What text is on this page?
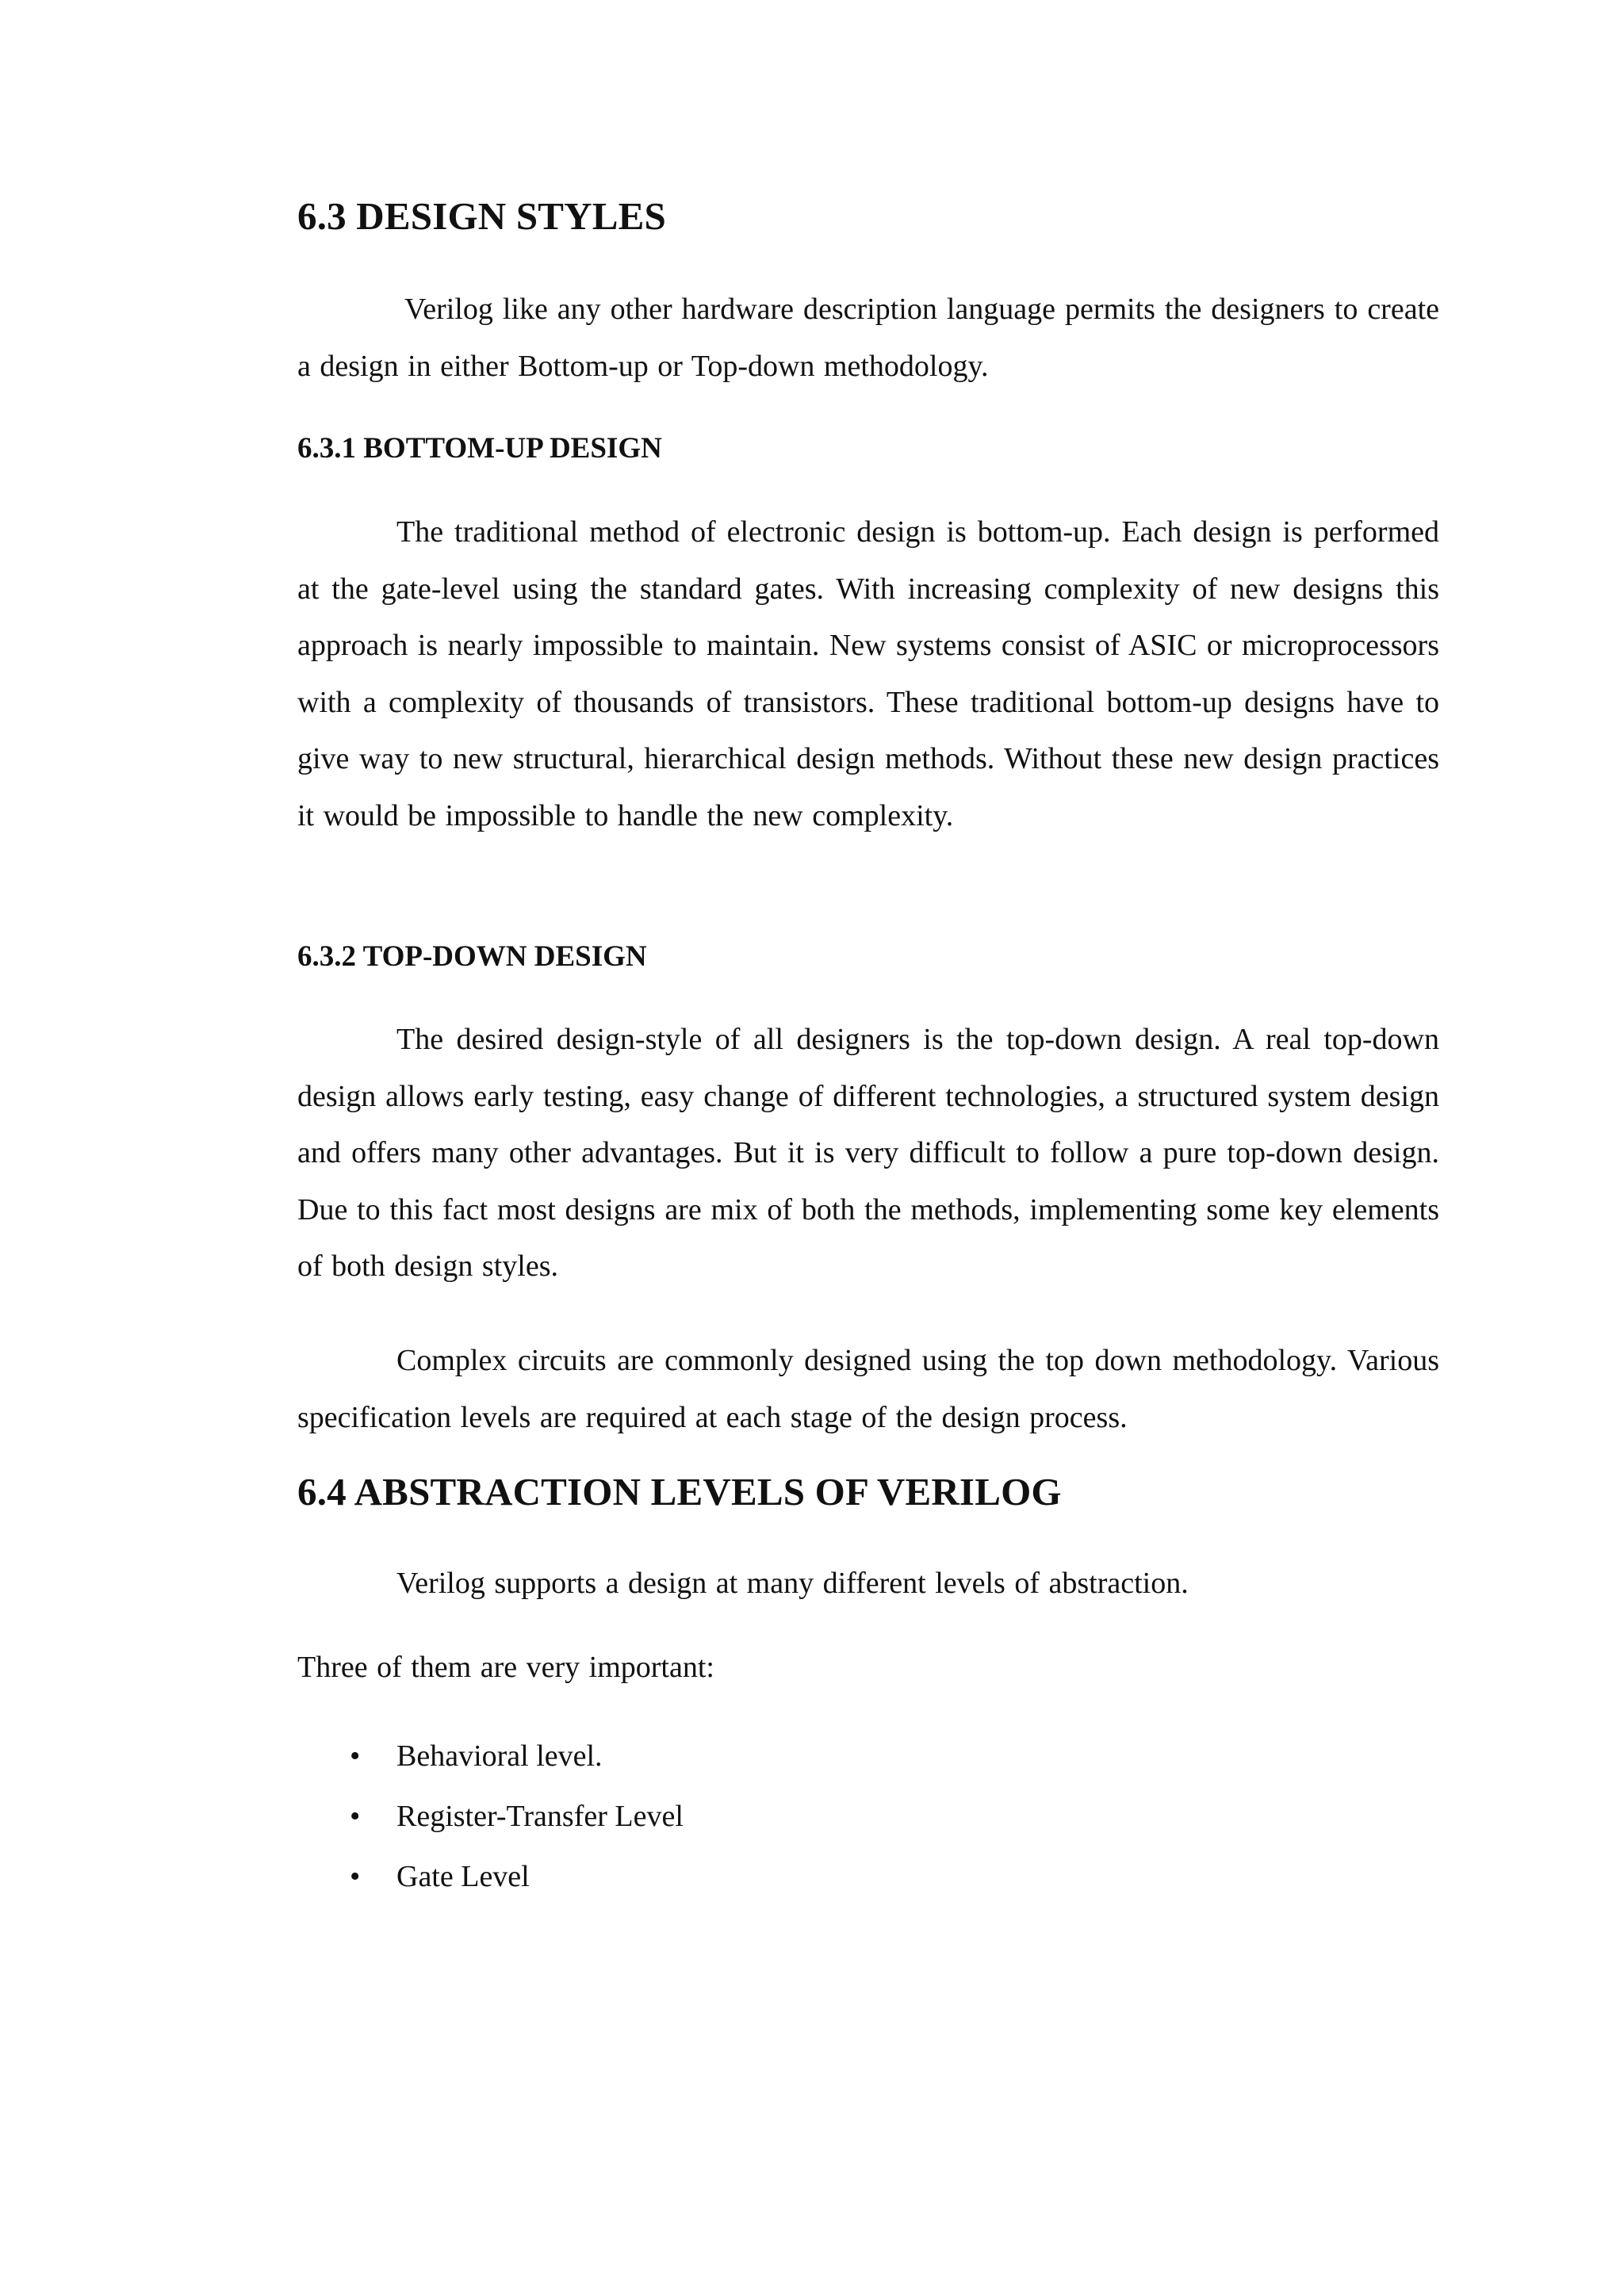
6.3 DESIGN STYLES

Verilog like any other hardware description language permits the designers to create a design in either Bottom-up or Top-down methodology.

6.3.1 BOTTOM-UP DESIGN

The traditional method of electronic design is bottom-up. Each design is performed at the gate-level using the standard gates. With increasing complexity of new designs this approach is nearly impossible to maintain. New systems consist of ASIC or microprocessors with a complexity of thousands of transistors. These traditional bottom-up designs have to give way to new structural, hierarchical design methods. Without these new design practices it would be impossible to handle the new complexity.

6.3.2 TOP-DOWN DESIGN

The desired design-style of all designers is the top-down design. A real top-down design allows early testing, easy change of different technologies, a structured system design and offers many other advantages. But it is very difficult to follow a pure top-down design. Due to this fact most designs are mix of both the methods, implementing some key elements of both design styles.

Complex circuits are commonly designed using the top down methodology. Various specification levels are required at each stage of the design process.

6.4 ABSTRACTION LEVELS OF VERILOG

Verilog supports a design at many different levels of abstraction.

Three of them are very important:

• Behavioral level.
• Register-Transfer Level
• Gate Level
